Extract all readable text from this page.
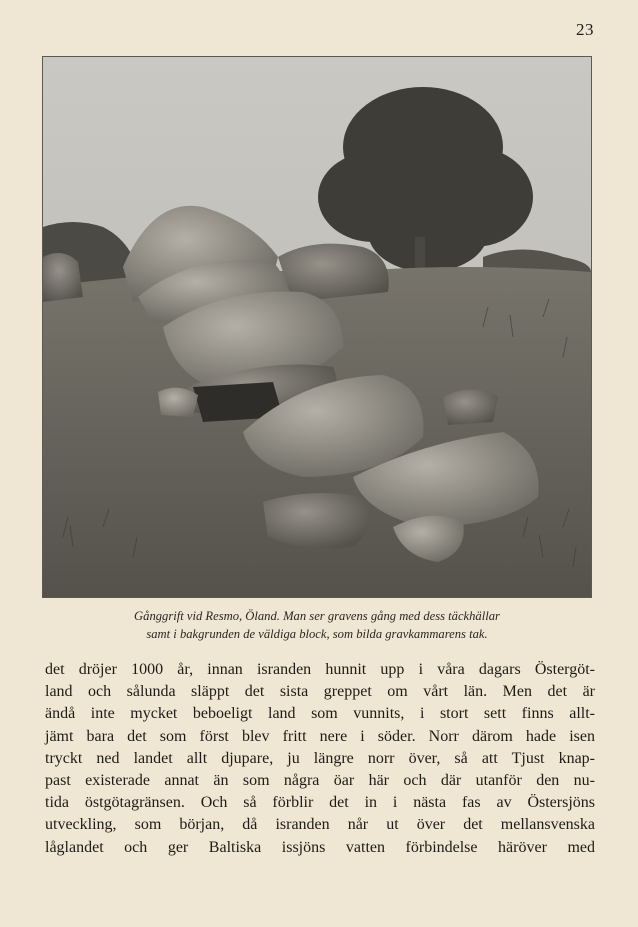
23
Gånggrift vid Resmo, Öland. Man ser gravens gång med dess täckhällar
samt i bakgrunden de väldiga block, som bilda gravkammarens tak.
det dröjer 1000 år, innan isranden hunnit upp i våra dagars Östergöt-
land och sålunda släppt det sista greppet om vårt län. Men det är
ändå inte mycket beboeligt land som vunnits, i stort sett finns allt-
jämt bara det som först blev fritt nere i söder. Norr därom hade isen
tryckt ned landet allt djupare, ju längre norr över, så att Tjust knap-
past existerade annat än som några öar här och där utanför den nu-
tida östgötagränsen. Och så förblir det in i nästa fas av Östersjöns
utveckling, som början, då isranden når ut över det mellansvenska
låglandet och ger Baltiska issjöns vatten förbindelse häröver med
